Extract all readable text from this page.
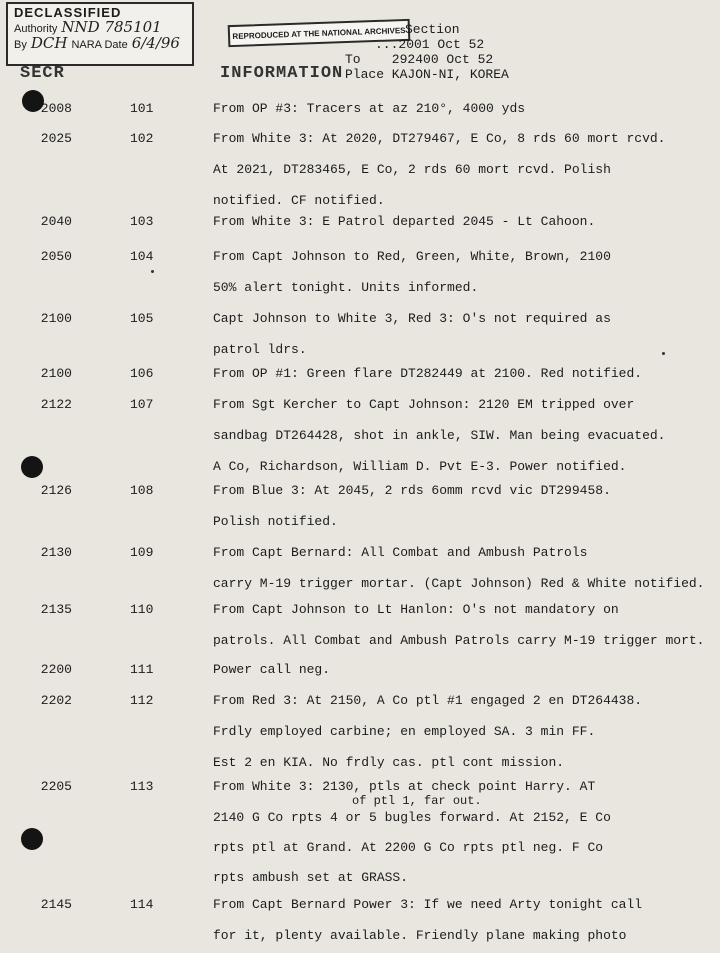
DECLASSIFIED
Authority NND 785101
By DCH NARA Date 6/4/96
REPRODUCED AT THE NATIONAL ARCHIVES Section
...2001 Oct 52
To    292400 Oct 52
Place KAJON-NI, KOREA
SECR	INFORMATION
2008	101	From OP #3: Tracers at az 210°, 4000 yds
2025	102	From White 3: At 2020, DT279467, E Co, 8 rds 60 mort rcvd.
At 2021, DT283465, E Co, 2 rds 60 mort rcvd. Polish
notified. CF notified.
2040	103	From White 3: E Patrol departed 2045 - Lt Cahoon.
2050	104	From Capt Johnson to Red, Green, White, Brown, 2100
50% alert tonight. Units informed.
2100	105	Capt Johnson to White 3, Red 3: O's not required as
patrol ldrs.
2100	106	From OP #1: Green flare DT282449 at 2100. Red notified.
2122	107	From Sgt Kercher to Capt Johnson: 2120 EM tripped over
sandbag DT264428, shot in ankle, SIW. Man being evacuated.
A Co, Richardson, William D. Pvt E-3. Power notified.
2126	108	From Blue 3: At 2045, 2 rds 6omm rcvd vic DT299458.
Polish notified.
2130	109	From Capt Bernard: All Combat and Ambush Patrols
carry M-19 trigger mortar. (Capt Johnson) Red & White notified.
2135	110	From Capt Johnson to Lt Hanlon: O's not mandatory on
patrols. All Combat and Ambush Patrols carry M-19 trigger mort.
2200	111	Power call neg.
2202	112	From Red 3: At 2150, A Co ptl #1 engaged 2 en DT264438.
Frdly employed carbine; en employed SA. 3 min FF.
Est 2 en KIA. No frdly cas. ptl cont mission.
2205	113	From White 3: 2130, ptls at check point Harry. AT
2140 G Co rpts 4 or 5 bugles forward. At 2152, E Co
rpts ptl at Grand. At 2200 G Co rpts ptl neg. F Co
rpts ambush set at GRASS.
of ptl 1, far out.
2145	114	From Capt Bernard Power 3: If we need Arty tonight call
for it, plenty available. Friendly plane making photo
